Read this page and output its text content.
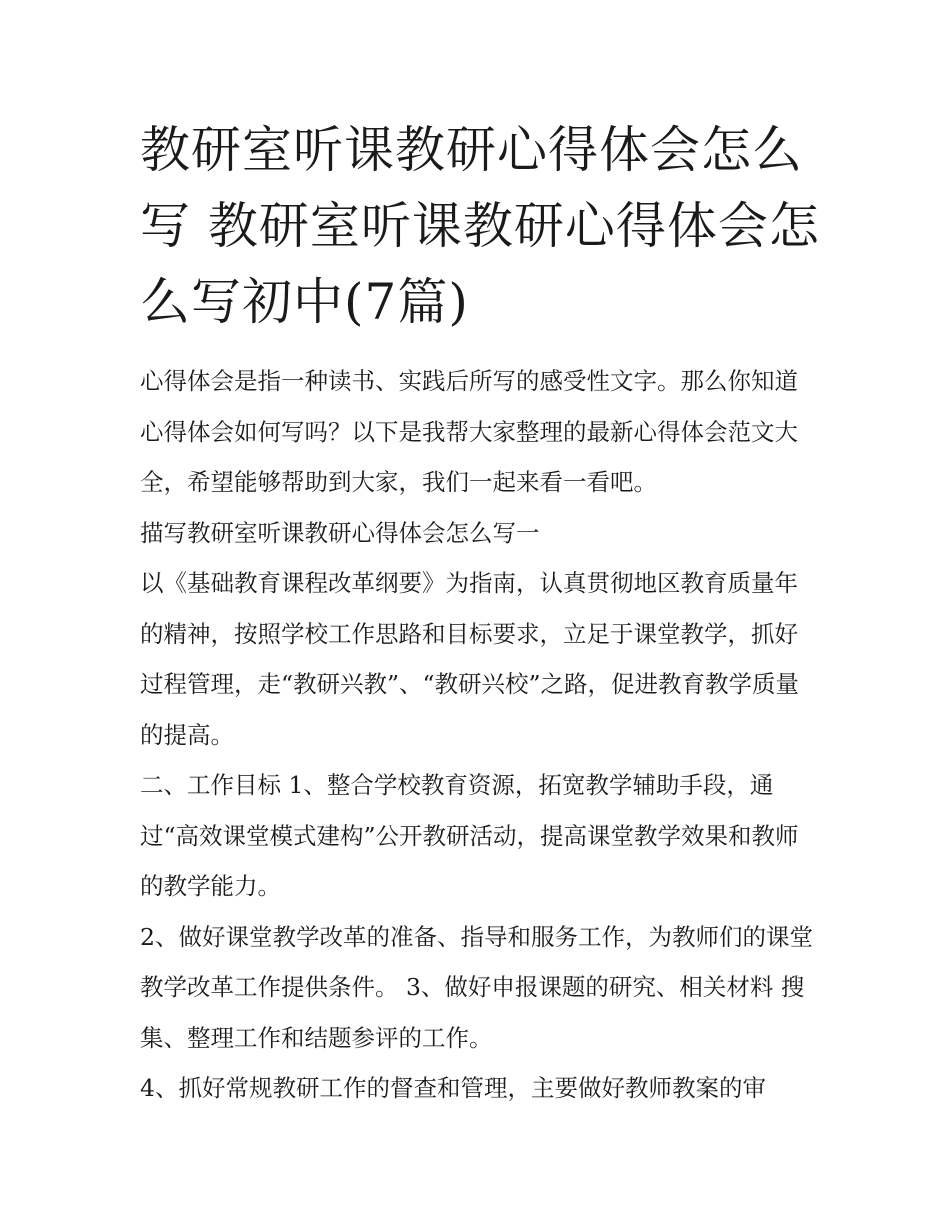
教研室听课教研心得体会怎么写 教研室听课教研心得体会怎么写初中(7篇)

心得体会是指一种读书、实践后所写的感受性文字。那么你知道心得体会如何写吗？以下是我帮大家整理的最新心得体会范文大全，希望能够帮助到大家，我们一起来看一看吧。

描写教研室听课教研心得体会怎么写一

以《基础教育课程改革纲要》为指南，认真贯彻地区教育质量年的精神，按照学校工作思路和目标要求，立足于课堂教学，抓好过程管理，走“教研兴教”、“教研兴校”之路，促进教育教学质量的提高。

二、工作目标 1、整合学校教育资源，拓宽教学辅助手段，通过“高效课堂模式建构”公开教研活动，提高课堂教学效果和教师的教学能力。

2、做好课堂教学改革的准备、指导和服务工作，为教师们的课堂教学改革工作提供条件。 3、做好申报课题的研究、相关材料 搜集、整理工作和结题参评的工作。

4、抓好常规教研工作的督查和管理，主要做好教师教案的审
